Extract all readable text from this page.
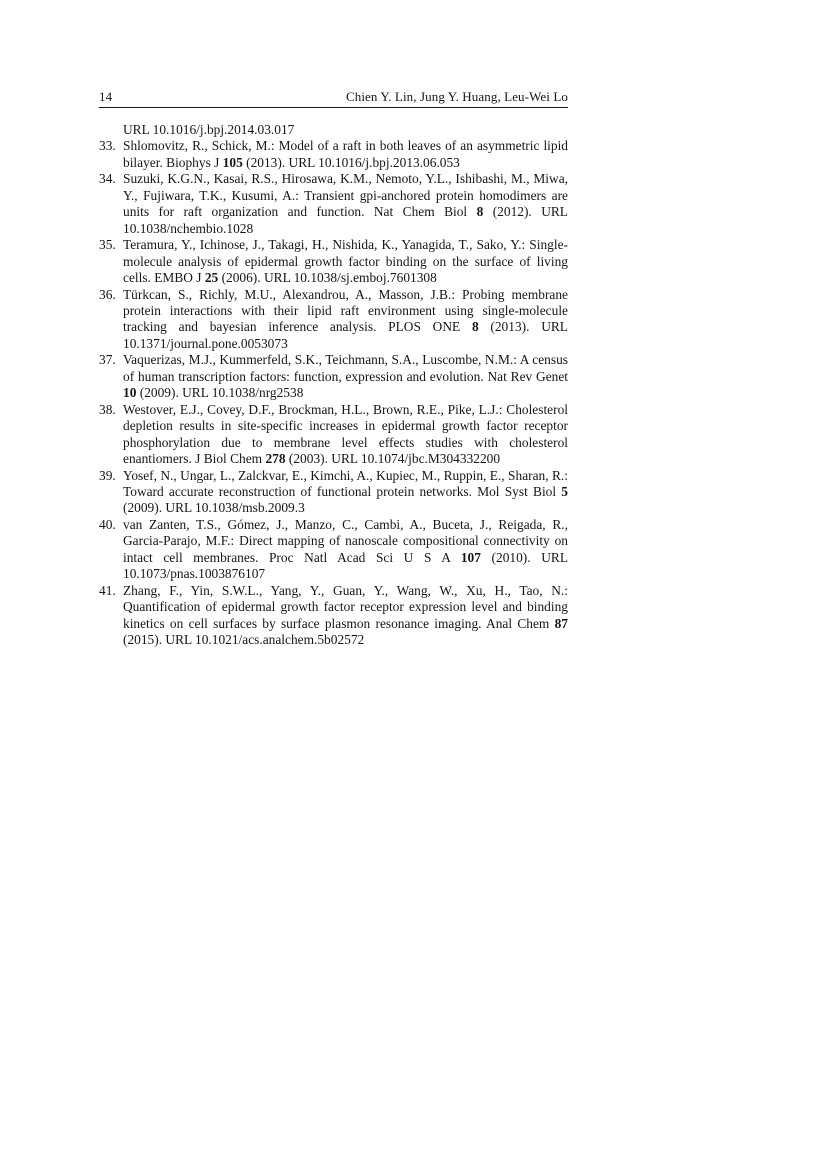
14	Chien Y. Lin, Jung Y. Huang, Leu-Wei Lo

URL 10.1016/j.bpj.2014.03.017

33. Shlomovitz, R., Schick, M.: Model of a raft in both leaves of an asymmetric lipid bilayer. Biophys J 105 (2013). URL 10.1016/j.bpj.2013.06.053
34. Suzuki, K.G.N., Kasai, R.S., Hirosawa, K.M., Nemoto, Y.L., Ishibashi, M., Miwa, Y., Fujiwara, T.K., Kusumi, A.: Transient gpi-anchored protein homodimers are units for raft organization and function. Nat Chem Biol 8 (2012). URL 10.1038/nchembio.1028
35. Teramura, Y., Ichinose, J., Takagi, H., Nishida, K., Yanagida, T., Sako, Y.: Single-molecule analysis of epidermal growth factor binding on the surface of living cells. EMBO J 25 (2006). URL 10.1038/sj.emboj.7601308
36. Türkcan, S., Richly, M.U., Alexandrou, A., Masson, J.B.: Probing membrane protein interactions with their lipid raft environment using single-molecule tracking and bayesian inference analysis. PLOS ONE 8 (2013). URL 10.1371/journal.pone.0053073
37. Vaquerizas, M.J., Kummerfeld, S.K., Teichmann, S.A., Luscombe, N.M.: A census of human transcription factors: function, expression and evolution. Nat Rev Genet 10 (2009). URL 10.1038/nrg2538
38. Westover, E.J., Covey, D.F., Brockman, H.L., Brown, R.E., Pike, L.J.: Cholesterol depletion results in site-specific increases in epidermal growth factor receptor phosphorylation due to membrane level effects studies with cholesterol enantiomers. J Biol Chem 278 (2003). URL 10.1074/jbc.M304332200
39. Yosef, N., Ungar, L., Zalckvar, E., Kimchi, A., Kupiec, M., Ruppin, E., Sharan, R.: Toward accurate reconstruction of functional protein networks. Mol Syst Biol 5 (2009). URL 10.1038/msb.2009.3
40. van Zanten, T.S., Gómez, J., Manzo, C., Cambi, A., Buceta, J., Reigada, R., Garcia-Parajo, M.F.: Direct mapping of nanoscale compositional connectivity on intact cell membranes. Proc Natl Acad Sci U S A 107 (2010). URL 10.1073/pnas.1003876107
41. Zhang, F., Yin, S.W.L., Yang, Y., Guan, Y., Wang, W., Xu, H., Tao, N.: Quantification of epidermal growth factor receptor expression level and binding kinetics on cell surfaces by surface plasmon resonance imaging. Anal Chem 87 (2015). URL 10.1021/acs.analchem.5b02572
